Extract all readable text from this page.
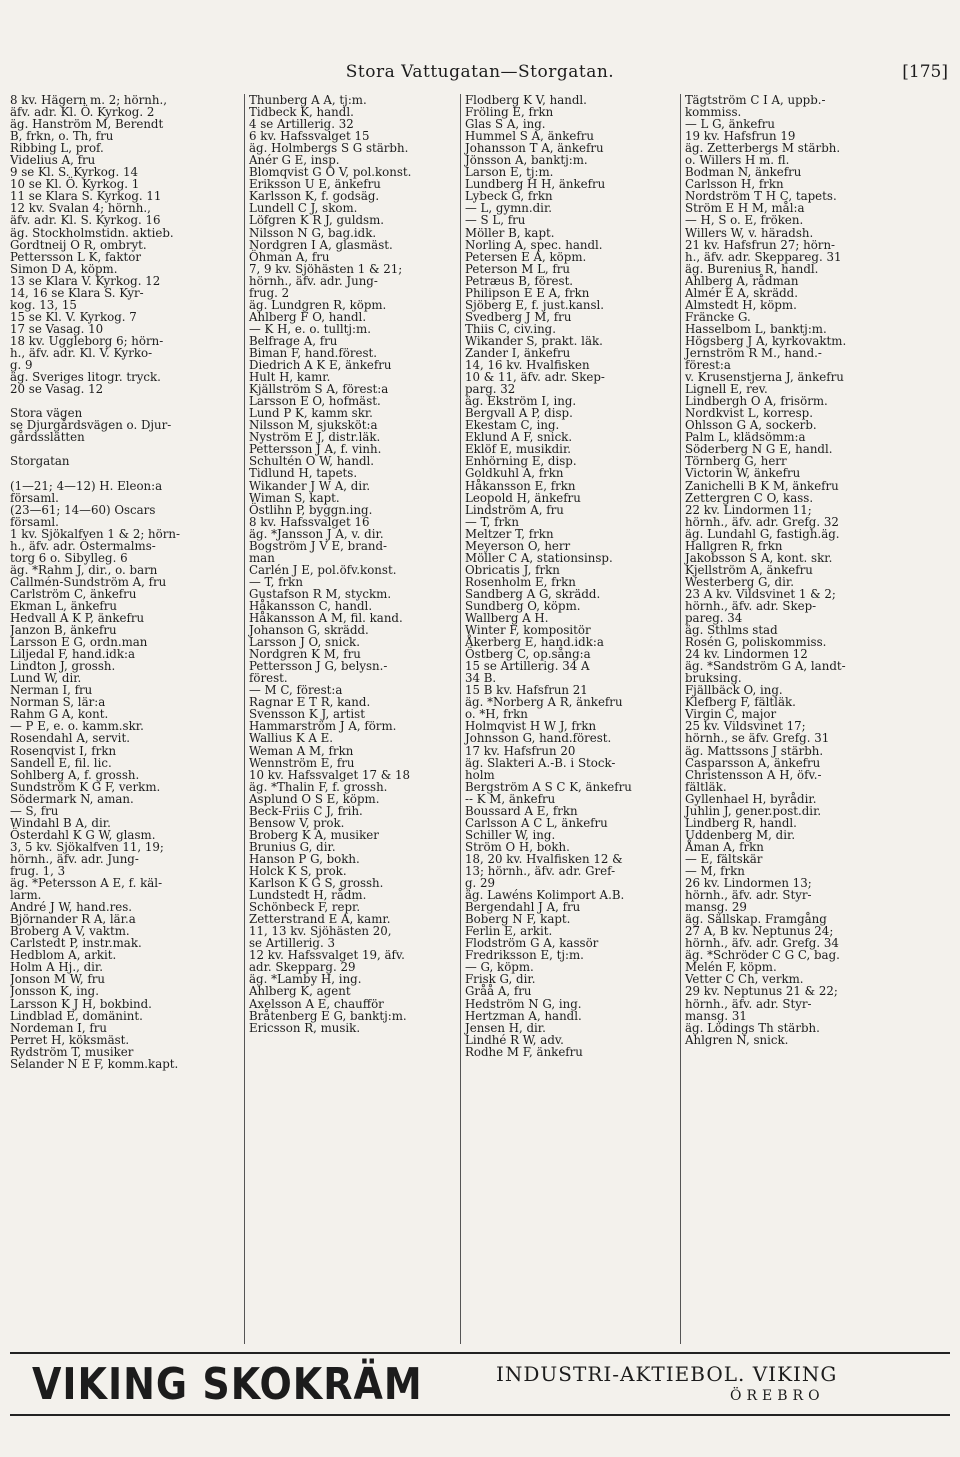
Stora Vattugatan—Storgatan.	[175]
8 kv. Hägern m. 2; hörnh.,
äfv. adr. Kl. Ö. Kyrkog. 2
äg. Hanström M, Berendt
B, frkn, o. Th, fru
Ribbing L, prof.
Videlius A, fru
9 se Kl. S. Kyrkog. 14
10 se Kl. Ö. Kyrkog. 1
11 se Klara S. Kyrkog. 11
12 kv. Svalan 4; hörnh.,
äfv. adr. Kl. S. Kyrkog. 16
äg. Stockholmstidn. aktieb.
Gordtneij O R, ombryt.
Pettersson L K, faktor
Simon D A, köpm.
13 se Klara V. Kyrkog. 12
14, 16 se Klara S. Kyr-
kog. 13, 15
15 se Kl. V. Kyrkog. 7
17 se Vasag. 10
18 kv. Uggleborg 6; hörn-
h., äfv. adr. Kl. V. Kyrko-
g. 9
äg. Sveriges litogr. tryck.
20 se Vasag. 12
Stora vägen
se Djurgårdsvägen o. Djur-
gårdsslätten
Storgatan
(1—21; 4—12) H. Eleon:a
församl.
(23—61; 14—60) Oscars
församl.
1 kv. Sjökalfven 1 & 2; hörn-
h., äfv. adr. Östermalms-
torg 6 o. Sibylleg. 6
äg. *Rahm J, dir., o. barn
Callmén-Sundström A, fru
Carlström C, änkefru
Ekman L, änkefru
Hedvall A K P, änkefru
Janzon B, änkefru
Larsson E G, ordn.man
Liljedal F, hand.idk:a
Lindton J, grossh.
Lund W, dir.
Nerman I, fru
Norman S, lär:a
Rahm G A, kont.
— P E, e. o. kamm.skr.
Rosendahl A, servit.
Rosenqvist I, frkn
Sandell E, fil. lic.
Sohlberg A, f. grossh.
Sundström K G F, verkm.
Södermark N, aman.
— S, fru
Windahl B A, dir.
Österdahl K G W, glasm.
3, 5 kv. Sjökalfven 11, 19;
hörnh., äfv. adr. Jung-
frug. 1, 3
äg. *Petersson A E, f. käl-
larm.
André J W, hand.res.
Björnander R A, lär.a
Broberg A V, vaktm.
Carlstedt P, instr.mak.
Hedblom A, arkit.
Holm A Hj., dir.
Jonson M W, fru
Jonsson K, ing.
Larsson K J H, bokbind.
Lindblad E, domänint.
Nordeman I, fru
Perret H, köksmäst.
Rydström T, musiker
Selander N E F, komm.kapt.
Thunberg A A, tj:m.
Tidbeck K, handl.
4 se Artillerig. 32
6 kv. Hafssvalget 15
äg. Holmbergs S G stärbh.
Anér G E, insp.
Blomqvist G O V, pol.konst.
Eriksson U E, änkefru
Karlsson K, f. godsäg.
Lundell C J, skom.
Löfgren K R J, guldsm.
Nilsson N G, bag.idk.
Nordgren I A, glasmäst.
Öhman A, fru
7, 9 kv. Sjöhästen 1 & 21;
hörnh., äfv. adr. Jung-
frug. 2
äg. Lundgren R, köpm.
Ahlberg F O, handl.
— K H, e. o. tulltj:m.
Belfrage A, fru
Biman F, hand.förest.
Diedrich A K E, änkefru
Hult H, kamr.
Kjällström S A, förest:a
Larsson E O, hofmäst.
Lund P K, kamm skr.
Nilsson M, sjuksköt:a
Nyström E J, distr.läk.
Pettersson J A, f. vinh.
Schultén O W, handl.
Tidlund H, tapets.
Wikander J W A, dir.
Wiman S, kapt.
Östlihn P, byggn.ing.
8 kv. Hafssvalget 16
äg. *Jansson J A, v. dir.
Bogström J V E, brand-
man
Carlén J E, pol.öfv.konst.
— T, frkn
Gustafson R M, styckm.
Håkansson C, handl.
Håkansson A M, fil. kand.
Johanson G, skrädd.
Larsson J O, snick.
Nordgren K M, fru
Pettersson J G, belysn.-
förest.
— M C, förest:a
Ragnar E T R, kand.
Svensson K J, artist
Hammarström J A, förm.
Wallius K A E.
Weman A M, frkn
Wennström E, fru
10 kv. Hafssvalget 17 & 18
äg. *Thalin F, f. grossh.
Asplund O S E, köpm.
Beck-Friis C J, frih.
Bensow V, prok.
Broberg K A, musiker
Brunius G, dir.
Hanson P G, bokh.
Holck K S, prok.
Karlson K G S, grossh.
Lundstedt H, rådm.
Schönbeck F, repr.
Zetterstrand E A, kamr.
11, 13 kv. Sjöhästen 20,
se Artillerig. 3
12 kv. Hafssvalget 19, äfv.
adr. Skepparg. 29
äg. *Lamby H, ing.
Ahlberg K, agent
Axelsson A E, chaufför
Bråtenberg E G, banktj:m.
Ericsson R, musik.
Flodberg K V, handl.
Fröling E, frkn
Glas S A, ing.
Hummel S A, änkefru
Johansson T A, änkefru
Jönsson A, banktj:m.
Larson E, tj:m.
Lundberg H H, änkefru
Lybeck G, frkn
— L, gymn.dir.
— S L, fru
Möller B, kapt.
Norling A, spec. handl.
Petersen E A, köpm.
Peterson M L, fru
Petræus B, förest.
Philipson E E A, frkn
Sjöberg E, f. just.kansl.
Svedberg J M, fru
Thiis C, civ.ing.
Wikander S, prakt. läk.
Zander I, änkefru
14, 16 kv. Hvalfisken
10 & 11, äfv. adr. Skep-
parg. 32
äg. Ekström I, ing.
Bergvall A P, disp.
Ekestam C, ing.
Eklund A F, snick.
Eklöf E, musikdir.
Enhörning E, disp.
Goldkuhl A, frkn
Håkansson E, frkn
Leopold H, änkefru
Lindström A, fru
— T, frkn
Meltzer T, frkn
Meyerson O, herr
Möller C A, stationsinsp.
Obricatis J, frkn
Rosenholm E, frkn
Sandberg A G, skrädd.
Sundberg O, köpm.
Wallberg A H.
Winter F, kompositör
Åkerberg E, hand.idk:a
Östberg C, op.sång:a
15 se Artillerig. 34 A
34 B.
15 B kv. Hafsfrun 21
äg. *Norberg A R, änkefru
o. *H, frkn
Holmqvist H W J, frkn
Johnsson G, hand.förest.
17 kv. Hafsfrun 20
äg. Slakteri A.-B. i Stock-
holm
Bergström A S C K, änkefru
-- K M, änkefru
Boussard A E, frkn
Carlsson A C L, änkefru
Schiller W, ing.
Ström O H, bokh.
18, 20 kv. Hvalfisken 12 &
13; hörnh., äfv. adr. Gref-
g. 29
äg. Lawéns Kolimport A.B.
Bergendahl J A, fru
Boberg N F, kapt.
Ferlin E, arkit.
Flodström G A, kassör
Fredriksson E, tj:m.
— G, köpm.
Frisk G, dir.
Gråå A, fru
Hedström N G, ing.
Hertzman A, handl.
Jensen H, dir.
Lindhé R W, adv.
Rodhe M F, änkefru
Tägtström C I A, uppb.-
kommiss.
— L G, änkefru
19 kv. Hafsfrun 19
äg. Zetterbergs M stärbh.
o. Willers H m. fl.
Bodman N, änkefru
Carlsson H, frkn
Nordström T H C, tapets.
Ström E H M, mål:a
— H, S o. E, fröken.
Willers W, v. häradsh.
21 kv. Hafsfrun 27; hörn-
h., äfv. adr. Skeppareg. 31
äg. Burenius R, handl.
Ahlberg A, rådman
Almér E A, skrädd.
Almstedt H, köpm.
Fräncke G.
Hasselbom L, banktj:m.
Högsberg J A, kyrkovaktm.
Jernström R M., hand.-
förest:a
v. Krusenstjerna J, änkefru
Lignell E, rev.
Lindbergh O A, frisörm.
Nordkvist L, korresp.
Ohlsson G A, sockerb.
Palm L, klädsömm:a
Söderberg N G E, handl.
Törnberg G, herr
Victorin W, änkefru
Zanichelli B K M, änkefru
Zettergren C O, kass.
22 kv. Lindormen 11;
hörnh., äfv. adr. Grefg. 32
äg. Lundahl G, fastigh.äg.
Hallgren R, frkn
Jakobsson S A, kont. skr.
Kjellström A, änkefru
Westerberg G, dir.
23 A kv. Vildsvinet 1 & 2;
hörnh., äfv. adr. Skep-
pareg. 34
äg. Sthlms stad
Rosén G, poliskommiss.
24 kv. Lindormen 12
äg. *Sandström G A, landt-
bruksing.
Fjällbäck O, ing.
Klefberg F, fältläk.
Virgin C, major
25 kv. Vildsvinet 17;
hörnh., se äfv. Grefg. 31
äg. Mattssons J stärbh.
Casparsson A, änkefru
Christensson A H, öfv.-
fältläk.
Gyllenhael H, byrådir.
Juhlin J, gener.post.dir.
Lindberg R, handl.
Uddenberg M, dir.
Åman A, frkn
— E, fältskär
— M, frkn
26 kv. Lindormen 13;
hörnh., äfv. adr. Styr-
mansg. 29
äg. Sällskap. Framgång
27 A, B kv. Neptunus 24;
hörnh., äfv. adr. Grefg. 34
äg. *Schröder C G C, bag.
Melén F, köpm.
Vetter C Ch, verkm.
29 kv. Neptunus 21 & 22;
hörnh., äfv. adr. Styr-
mansg. 31
äg. Lödings Th stärbh.
Ahlgren N, snick.
VIKING SKOKRÄM	INDUSTRI-AKTIEBOL. VIKING
ÖREBRO
